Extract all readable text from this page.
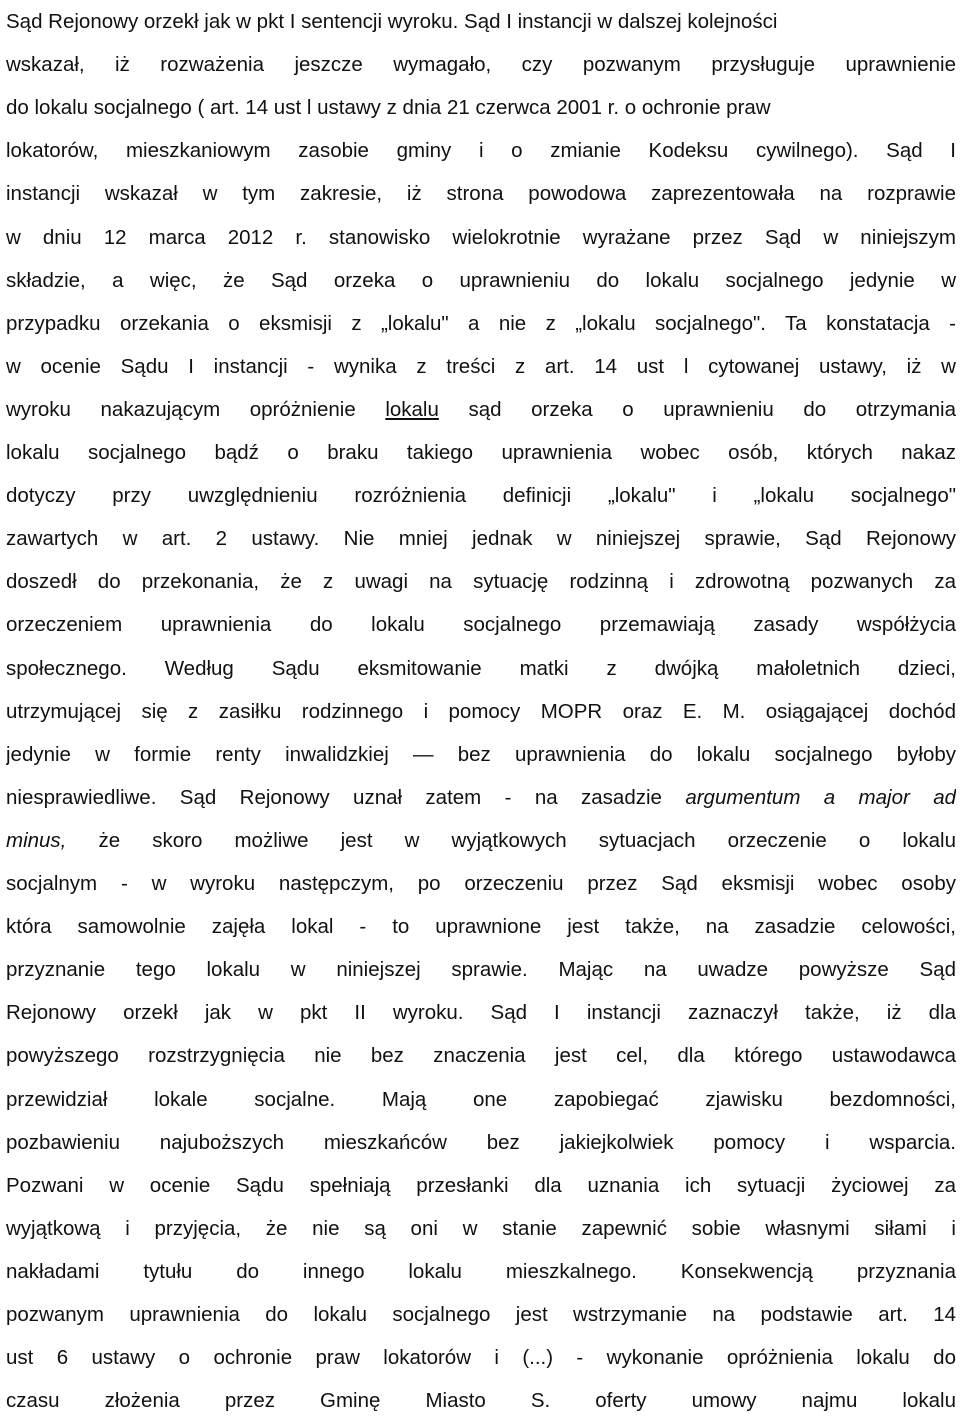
Sąd Rejonowy orzekł jak w pkt I sentencji wyroku. Sąd I instancji w dalszej kolejności
wskazał, iż rozważenia jeszcze wymagało, czy pozwanym przysługuje uprawnienie
do lokalu socjalnego ( art. 14 ust l ustawy z dnia 21 czerwca 2001 r. o ochronie praw
lokatorów, mieszkaniowym zasobie gminy i o zmianie Kodeksu cywilnego). Sąd I
instancji wskazał w tym zakresie, iż strona powodowa zaprezentowała na rozprawie
w dniu 12 marca 2012 r. stanowisko wielokrotnie wyrażane przez Sąd w niniejszym
składzie, a więc, że Sąd orzeka o uprawnieniu do lokalu socjalnego jedynie w
przypadku orzekania o eksmisji z „lokalu" a nie z „lokalu socjalnego". Ta konstatacja -
w ocenie Sądu I instancji - wynika z treści z art. 14 ust l cytowanej ustawy, iż w
wyroku nakazującym opróżnienie lokalu sąd orzeka o uprawnieniu do otrzymania
lokalu socjalnego bądź o braku takiego uprawnienia wobec osób, których nakaz
dotyczy przy uwzględnieniu rozróżnienia definicji „lokalu" i „lokalu socjalnego"
zawartych w art. 2 ustawy. Nie mniej jednak w niniejszej sprawie, Sąd Rejonowy
doszedł do przekonania, że z uwagi na sytuację rodzinną i zdrowotną pozwanych za
orzeczeniem uprawnienia do lokalu socjalnego przemawiają zasady współżycia
społecznego. Według Sądu eksmitowanie matki z dwójką małoletnich dzieci,
utrzymującej się z zasiłku rodzinnego i pomocy MOPR oraz E. M. osiągającej dochód
jedynie w formie renty inwalidzkiej — bez uprawnienia do lokalu socjalnego byłoby
niesprawiedliwe. Sąd Rejonowy uznał zatem - na zasadzie argumentum a major ad
minus, że skoro możliwe jest w wyjątkowych sytuacjach orzeczenie o lokalu
socjalnym - w wyroku następczym, po orzeczeniu przez Sąd eksmisji wobec osoby
która samowolnie zajęła lokal - to uprawnione jest także, na zasadzie celowości,
przyznanie tego lokalu w niniejszej sprawie. Mając na uwadze powyższe Sąd
Rejonowy orzekł jak w pkt II wyroku. Sąd I instancji zaznaczył także, iż dla
powyższego rozstrzygnięcia nie bez znaczenia jest cel, dla którego ustawodawca
przewidział lokale socjalne. Mają one zapobiegać zjawisku bezdomności,
pozbawieniu najuboższych mieszkańców bez jakiejkolwiek pomocy i wsparcia.
Pozwani w ocenie Sądu spełniają przesłanki dla uznania ich sytuacji życiowej za
wyjątkową i przyjęcia, że nie są oni w stanie zapewnić sobie własnymi siłami i
nakładami tytułu do innego lokalu mieszkalnego. Konsekwencją przyznania
pozwanym uprawnienia do lokalu socjalnego jest wstrzymanie na podstawie art. 14
ust 6 ustawy o ochronie praw lokatorów i (...) - wykonanie opróżnienia lokalu do
czasu złożenia przez Gminę Miasto S. oferty umowy najmu lokalu
